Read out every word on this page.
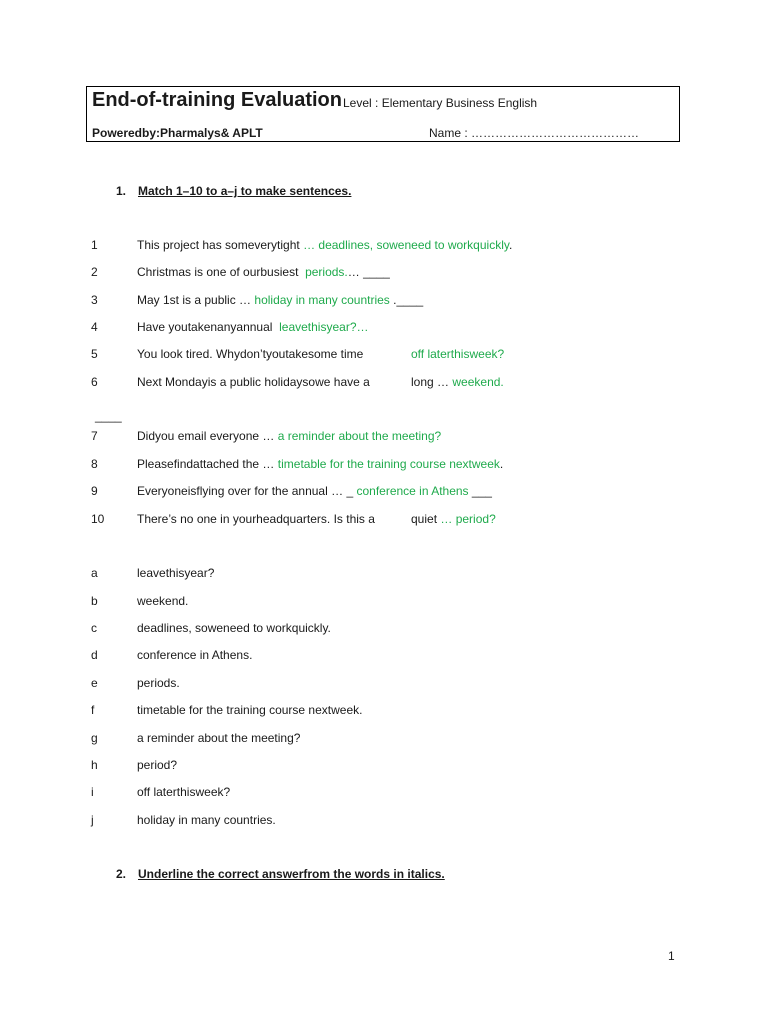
End-of-training Evaluation Level : Elementary Business English
Poweredby:Pharmalys& APLT	Name : ……………………………………
1. Match 1–10 to a–j to make sentences.
1	This project has someverytight … deadlines, soweneed to workquickly.
2	Christmas is one of ourbusiest periods.… ____
3	May 1st is a public … holiday in many countries .____
4	Have youtakenanyannual leavethisyear?…
5	You look tired. Whydon’tyoutakesome time	off laterthisweek?
6	Next Mondayis a public holidaysowe have a	long … weekend.
____
7	Didyou email everyone … a reminder about the meeting?
8	Pleasefindattached the … timetable for the training course nextweek.
9	Everyoneisflying over for the annual … _ conference in Athens ___
10	There’s no one in yourheadquarters. Is this a	quiet … period?
a	leavethisyear?
b	weekend.
c	deadlines, soweneed to workquickly.
d	conference in Athens.
e	periods.
f	timetable for the training course nextweek.
g	a reminder about the meeting?
h	period?
i	off laterthisweek?
j	holiday in many countries.
2. Underline the correct answerfrom the words in italics.
1
